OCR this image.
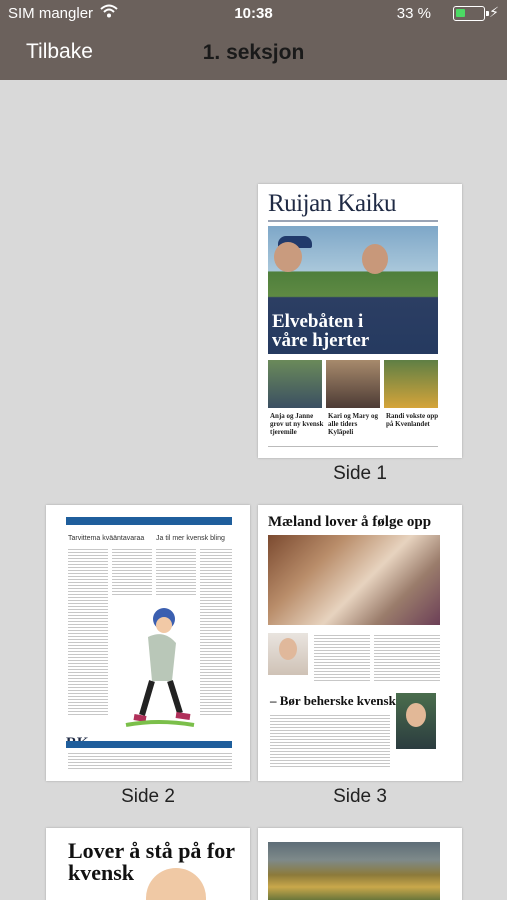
SIM mangler	10:38	33 %	⚡︎
Tilbake	1. seksjon
Ruijan Kaiku
Elvebåten i våre hjerter
Anja og Janne grov ut ny kvensk tjeremile
Kari og Mary og alle tiders Kylãpeli
Randi vokste opp på Kvenlandet
Side 1
Tarvittema kvääntavaraa Ja til mer kvensk bling
Side 2
Mæland lover å følge opp
– Bør beherske kvensk
Side 3
Lover å stå på for kvensk
